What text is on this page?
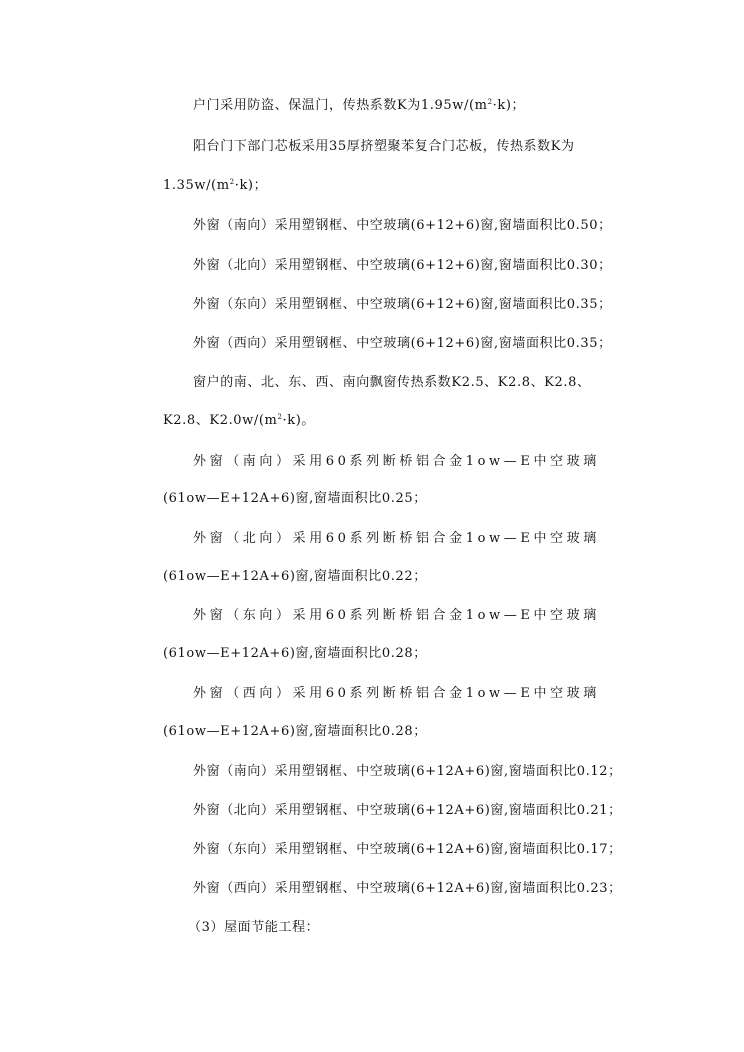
户门采用防盗、保温门，传热系数K为$1.95w/(m^2\cdot k)$；
阳台门下部门芯板采用35厚挤塑聚苯复合门芯板，传热系数K为
$1.35w/(m^2\cdot k)$；
外窗（南向）采用塑钢框、中空玻璃(6+12+6)窗,窗墙面积比0.50；
外窗（北向）采用塑钢框、中空玻璃(6+12+6)窗,窗墙面积比0.30；
外窗（东向）采用塑钢框、中空玻璃(6+12+6)窗,窗墙面积比0.35；
外窗（西向）采用塑钢框、中空玻璃(6+12+6)窗,窗墙面积比0.35；
窗户的南、北、东、西、南向飘窗传热系数K2.5、K2.8、K2.8、
K2.8、$K2.0w/(m^2\cdot k)$。
外窗（南向）采用60系列断桥铝合金1ow—E中空玻璃
(61ow—E+12A+6)窗,窗墙面积比0.25；
外窗（北向）采用60系列断桥铝合金1ow—E中空玻璃
(61ow—E+12A+6)窗,窗墙面积比0.22；
外窗（东向）采用60系列断桥铝合金1ow—E中空玻璃
(61ow—E+12A+6)窗,窗墙面积比0.28；
外窗（西向）采用60系列断桥铝合金1ow—E中空玻璃
(61ow—E+12A+6)窗,窗墙面积比0.28；
外窗（南向）采用塑钢框、中空玻璃(6+12A+6)窗,窗墙面积比0.12；
外窗（北向）采用塑钢框、中空玻璃(6+12A+6)窗,窗墙面积比0.21；
外窗（东向）采用塑钢框、中空玻璃(6+12A+6)窗,窗墙面积比0.17；
外窗（西向）采用塑钢框、中空玻璃(6+12A+6)窗,窗墙面积比0.23；
（3）屋面节能工程：
